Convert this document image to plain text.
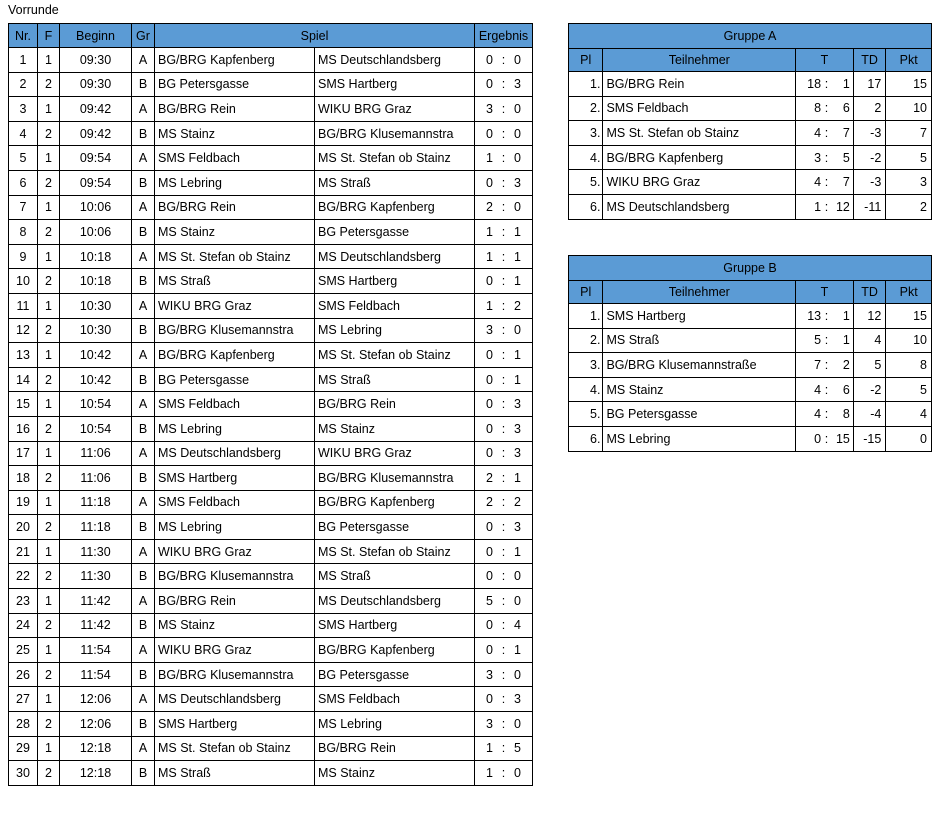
Vorrunde
Nr.	F	Beginn	Gr	Spiel		Ergebnis
1	1	09:30	A	BG/BRG Kapfenberg	MS Deutschlandsberg	0 : 0

2	2	09:30	B	BG Petersgasse	SMS Hartberg	0 : 3

3	1	09:42	A	BG/BRG Rein	WIKU BRG Graz	3 : 0

4	2	09:42	B	MS Stainz	BG/BRG Klusemannstra	0 : 0

5	1	09:54	A	SMS Feldbach	MS St. Stefan ob Stainz	1 : 0

6	2	09:54	B	MS Lebring	MS Straß	0 : 3

7	1	10:06	A	BG/BRG Rein	BG/BRG Kapfenberg	2 : 0

8	2	10:06	B	MS Stainz	BG Petersgasse	1 : 1

9	1	10:18	A	MS St. Stefan ob Stainz	MS Deutschlandsberg	1 : 1

10	2	10:18	B	MS Straß	SMS Hartberg	0 : 1

11	1	10:30	A	WIKU BRG Graz	SMS Feldbach	1 : 2

12	2	10:30	B	BG/BRG Klusemannstra	MS Lebring	3 : 0

13	1	10:42	A	BG/BRG Kapfenberg	MS St. Stefan ob Stainz	0 : 1

14	2	10:42	B	BG Petersgasse	MS Straß	0 : 1

15	1	10:54	A	SMS Feldbach	BG/BRG Rein	0 : 3

16	2	10:54	B	MS Lebring	MS Stainz	0 : 3

17	1	11:06	A	MS Deutschlandsberg	WIKU BRG Graz	0 : 3

18	2	11:06	B	SMS Hartberg	BG/BRG Klusemannstra	2 : 1

19	1	11:18	A	SMS Feldbach	BG/BRG Kapfenberg	2 : 2

20	2	11:18	B	MS Lebring	BG Petersgasse	0 : 3

21	1	11:30	A	WIKU BRG Graz	MS St. Stefan ob Stainz	0 : 1

22	2	11:30	B	BG/BRG Klusemannstra	MS Straß	0 : 0

23	1	11:42	A	BG/BRG Rein	MS Deutschlandsberg	5 : 0

24	2	11:42	B	MS Stainz	SMS Hartberg	0 : 4

25	1	11:54	A	WIKU BRG Graz	BG/BRG Kapfenberg	0 : 1

26	2	11:54	B	BG/BRG Klusemannstra	BG Petersgasse	3 : 0

27	1	12:06	A	MS Deutschlandsberg	SMS Feldbach	0 : 3

28	2	12:06	B	SMS Hartberg	MS Lebring	3 : 0

29	1	12:18	A	MS St. Stefan ob Stainz	BG/BRG Rein	1 : 5

30	2	12:18	B	MS Straß	MS Stainz	1 : 0
Gruppe A				
Pl	Teilnehmer	T	TD	Pkt
1.	BG/BRG Rein	18 : 1	17	15
2.	SMS Feldbach	8 : 6	2	10
3.	MS St. Stefan ob Stainz	4 : 7	-3	7
4.	BG/BRG Kapfenberg	3 : 5	-2	5
5.	WIKU BRG Graz	4 : 7	-3	3
6.	MS Deutschlandsberg	1 : 12	-11	2
Gruppe B				
Pl	Teilnehmer	T	TD	Pkt
1.	SMS Hartberg	13 : 1	12	15
2.	MS Straß	5 : 1	4	10
3.	BG/BRG Klusemannstraße	7 : 2	5	8
4.	MS Stainz	4 : 6	-2	5
5.	BG Petersgasse	4 : 8	-4	4
6.	MS Lebring	0 : 15	-15	0
